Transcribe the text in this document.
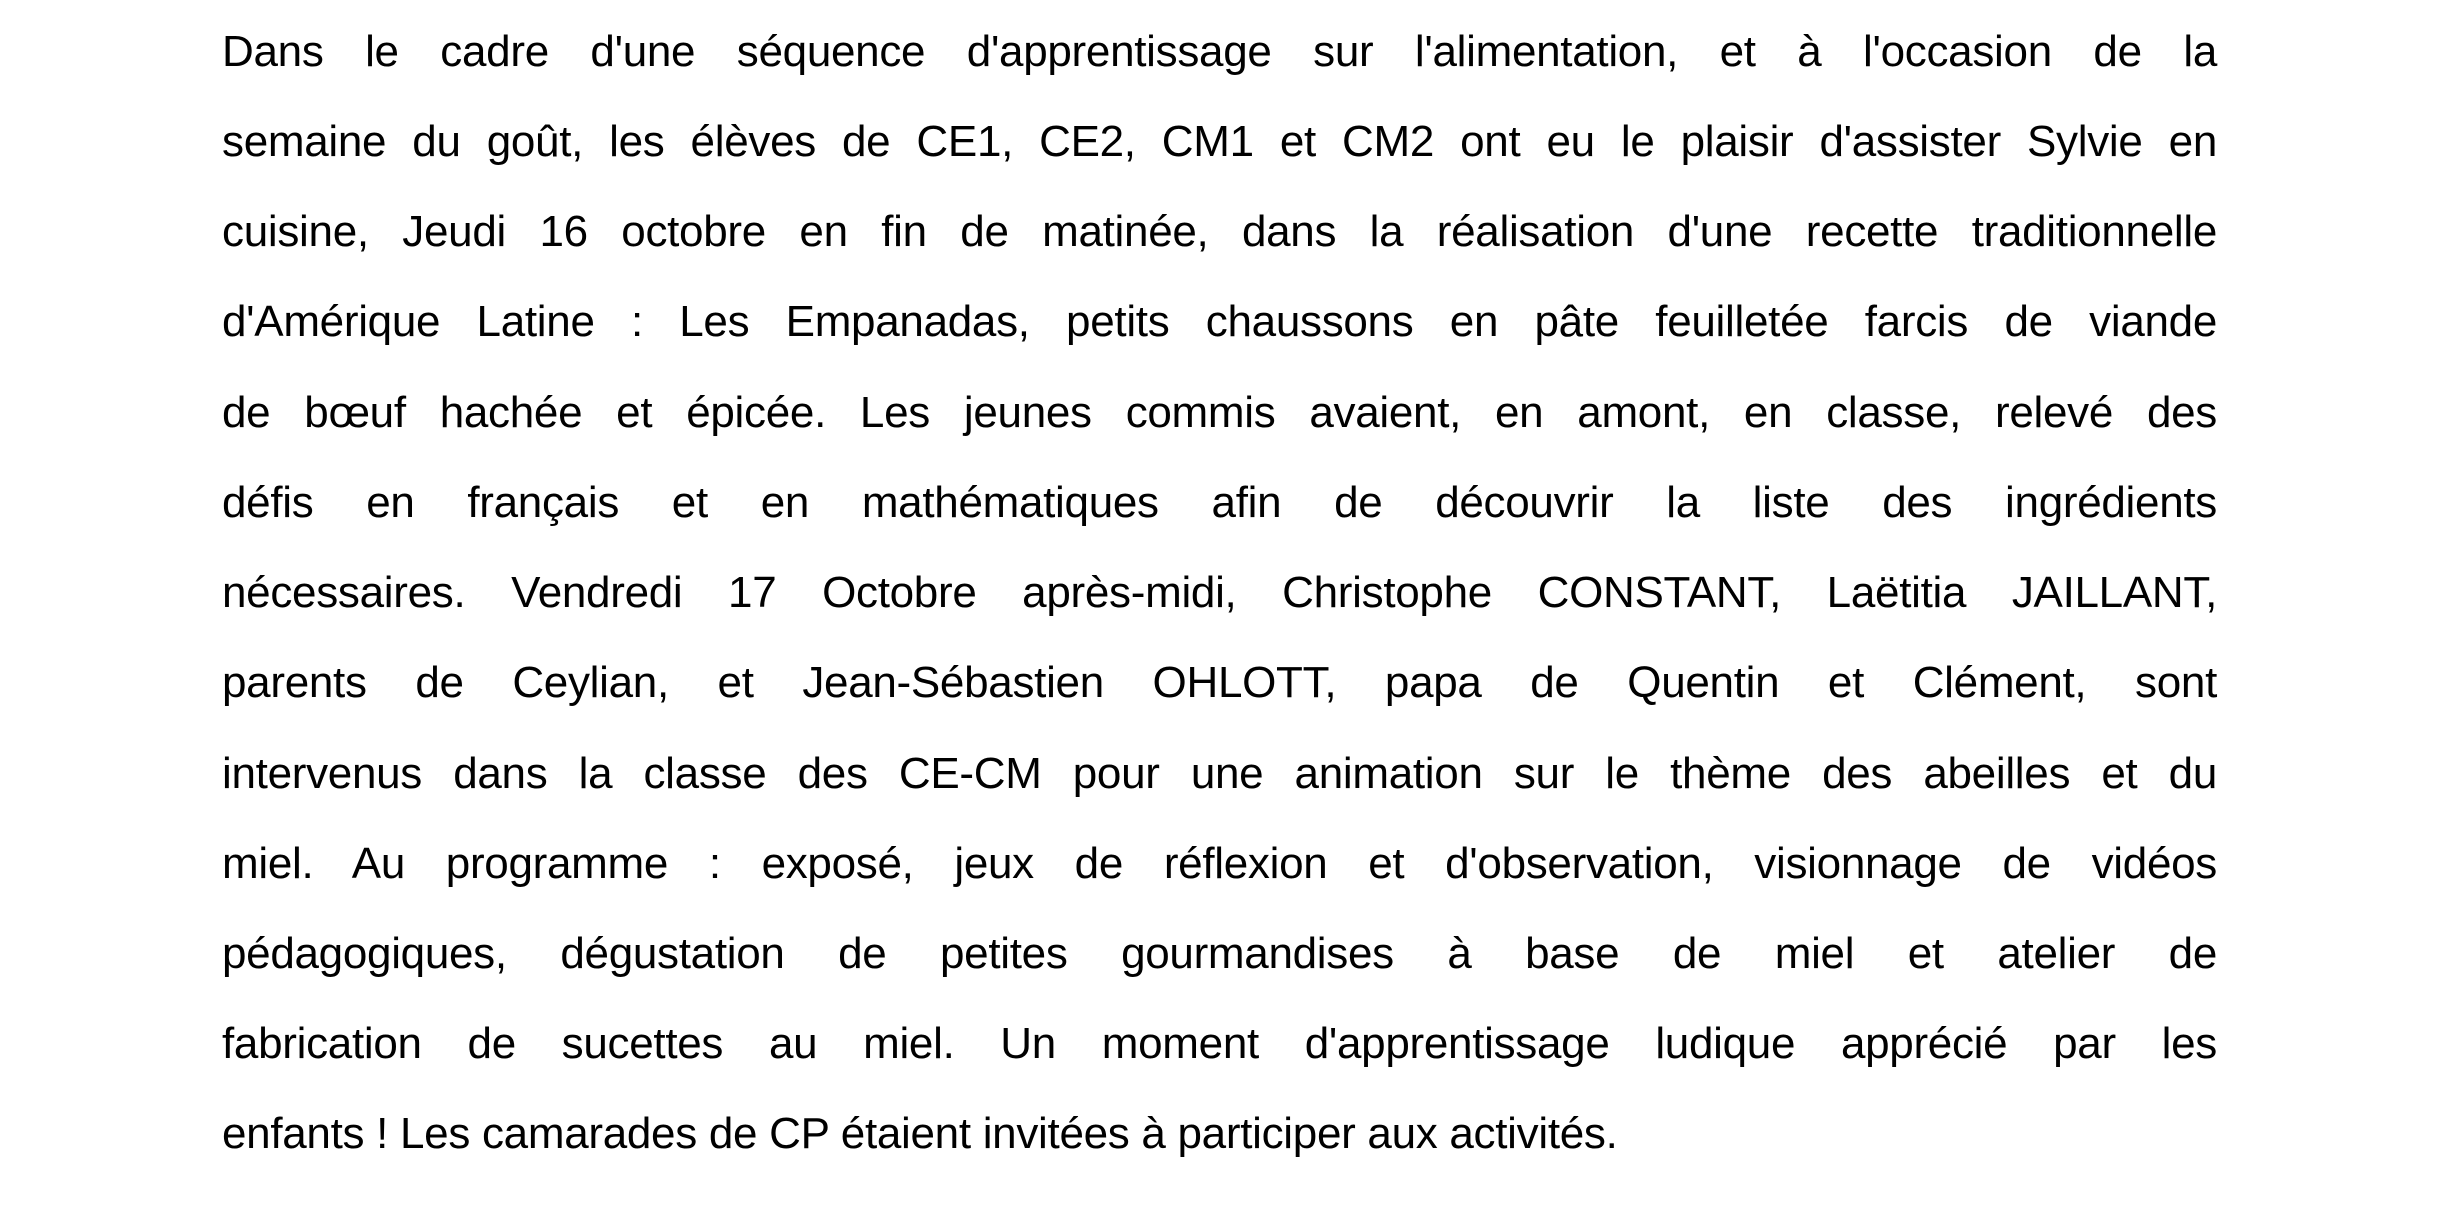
Dans le cadre d'une séquence d'apprentissage sur l'alimentation, et à l'occasion de la
semaine du goût, les élèves de CE1, CE2, CM1 et CM2 ont eu le plaisir d'assister Sylvie en
cuisine, Jeudi 16 octobre en fin de matinée, dans la réalisation d'une recette traditionnelle
d'Amérique Latine : Les Empanadas, petits chaussons en pâte feuilletée farcis de viande
de bœuf hachée et épicée. Les jeunes commis avaient, en amont, en classe, relevé des
défis en français et en mathématiques afin de découvrir la liste des ingrédients
nécessaires. Vendredi 17 Octobre après-midi, Christophe CONSTANT, Laëtitia JAILLANT,
parents de Ceylian, et Jean-Sébastien OHLOTT, papa de Quentin et Clément, sont
intervenus dans la classe des CE-CM pour une animation sur le thème des abeilles et du
miel. Au programme : exposé, jeux de réflexion et d'observation, visionnage de vidéos
pédagogiques, dégustation de petites gourmandises à base de miel et atelier de
fabrication de sucettes au miel. Un moment d'apprentissage ludique apprécié par les
enfants ! Les camarades de CP étaient invitées à participer aux activités.
